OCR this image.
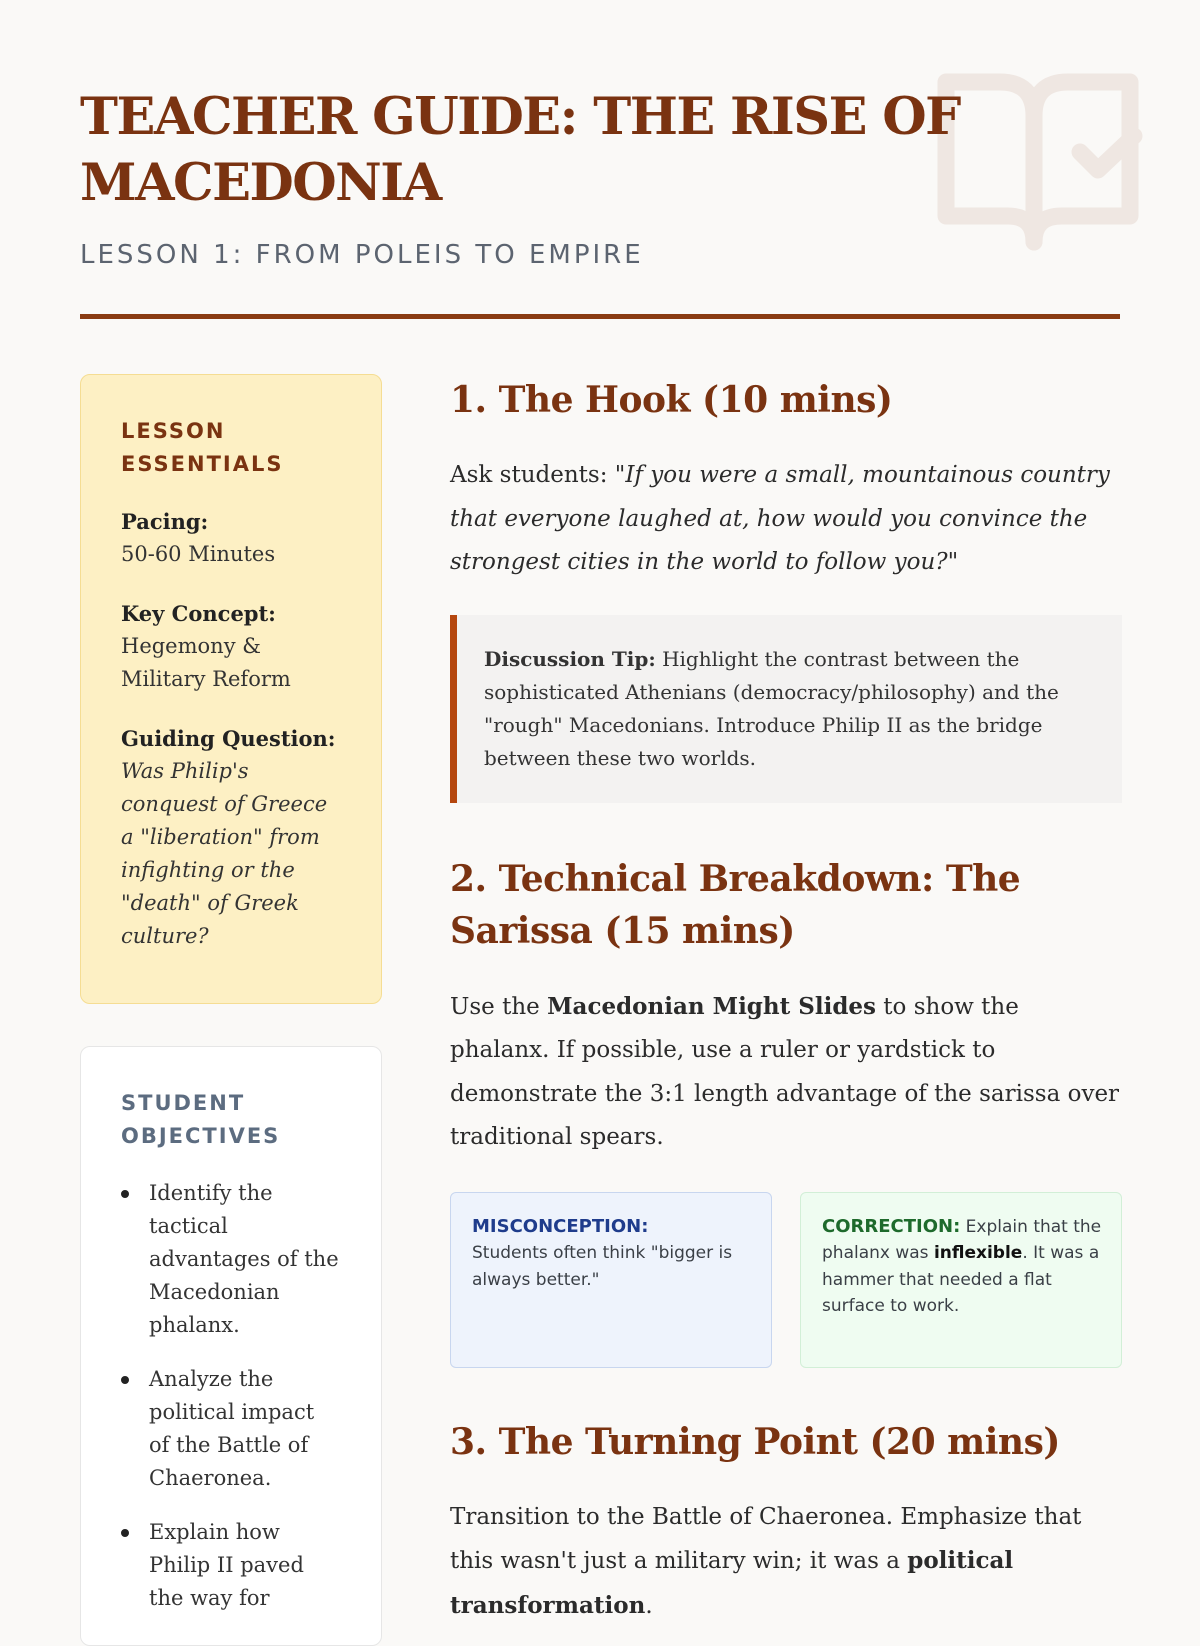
TEACHER GUIDE: THE RISE OF MACEDONIA
LESSON 1: FROM POLEIS TO EMPIRE
LESSON ESSENTIALS
Pacing:
50-60 Minutes
Key Concept:
Hegemony & Military Reform
Guiding Question:
Was Philip's conquest of Greece a "liberation" from infighting or the "death" of Greek culture?
STUDENT OBJECTIVES
Identify the tactical advantages of the Macedonian phalanx.
Analyze the political impact of the Battle of Chaeronea.
Explain how Philip II paved the way for
1. The Hook (10 mins)

Ask students: "If you were a small, mountainous country that everyone laughed at, how would you convince the strongest cities in the world to follow you?"

Discussion Tip: Highlight the contrast between the sophisticated Athenians (democracy/philosophy) and the "rough" Macedonians. Introduce Philip II as the bridge between these two worlds.
2. Technical Breakdown: The Sarissa (15 mins)

Use the Macedonian Might Slides to show the phalanx. If possible, use a ruler or yardstick to demonstrate the 3:1 length advantage of the sarissa over traditional spears.

MISCONCEPTION:
Students often think "bigger is always better."
CORRECTION: Explain that the phalanx was inflexible. It was a hammer that needed a flat surface to work.
3. The Turning Point (20 mins)

Transition to the Battle of Chaeronea. Emphasize that this wasn't just a military win; it was a political transformation.
